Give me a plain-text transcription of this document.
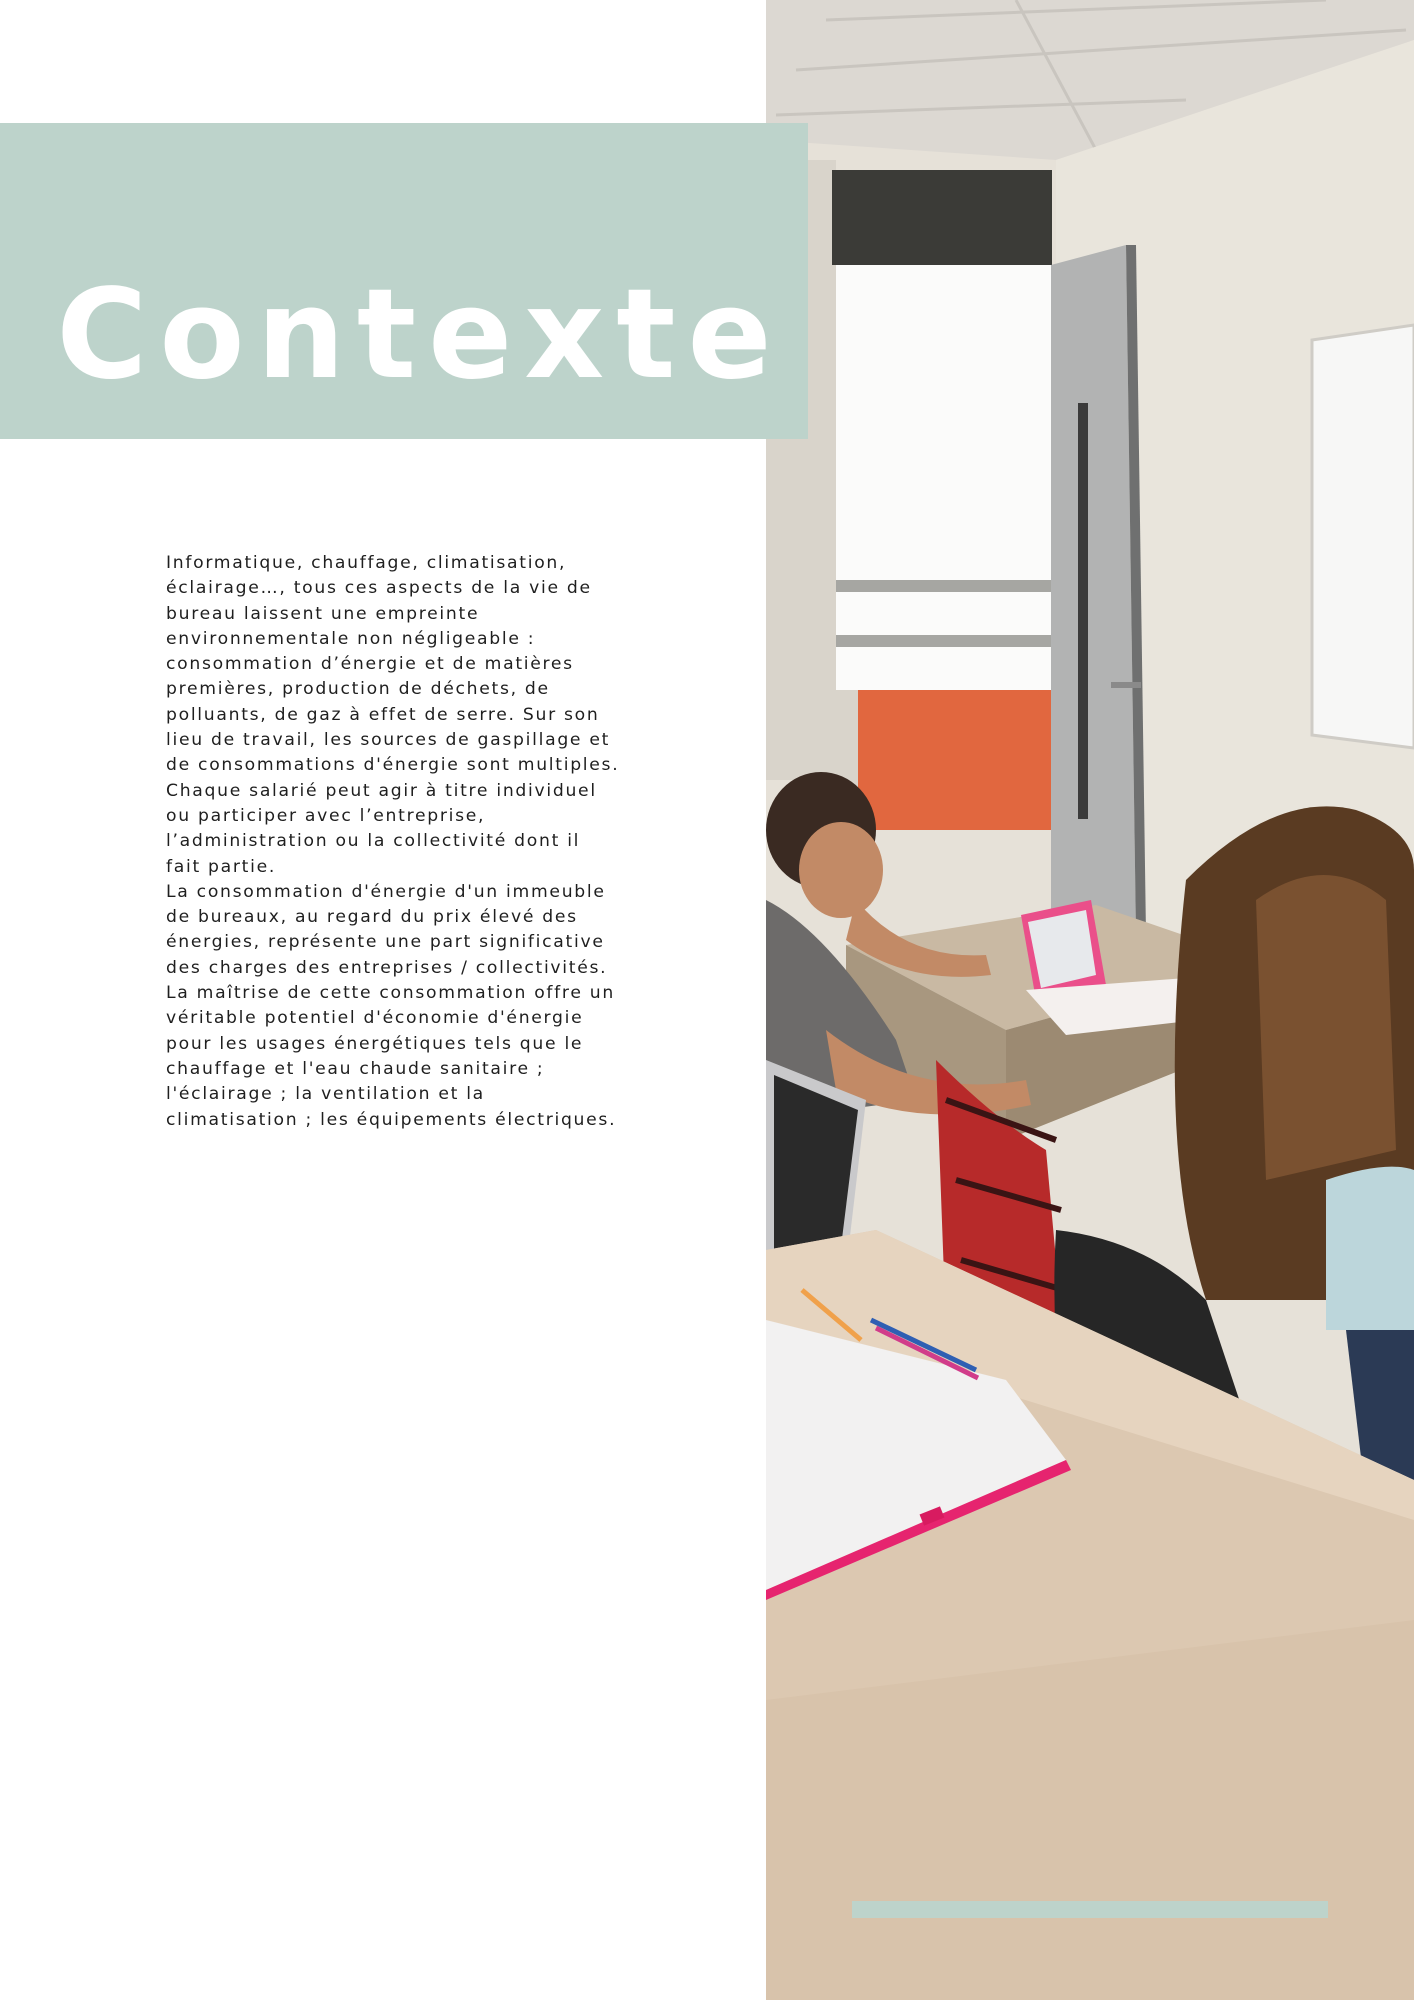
Contexte

Informatique, chauffage, climatisation, éclairage…, tous ces aspects de la vie de bureau laissent une empreinte environnementale non négligeable : consommation d’énergie et de matières premières, production de déchets, de polluants, de gaz à effet de serre. Sur son lieu de travail, les sources de gaspillage et de consommations d'énergie sont multiples. Chaque salarié peut agir à titre individuel ou participer avec l’entreprise, l’administration ou la collectivité dont il fait partie.

La consommation d'énergie d'un immeuble de bureaux, au regard du prix élevé des énergies, représente une part significative des charges des entreprises / collectivités. La maîtrise de cette consommation offre un véritable potentiel d'économie d'énergie pour les usages énergétiques tels que le chauffage et l'eau chaude sanitaire ; l'éclairage ; la ventilation et la climatisation ; les équipements électriques.
